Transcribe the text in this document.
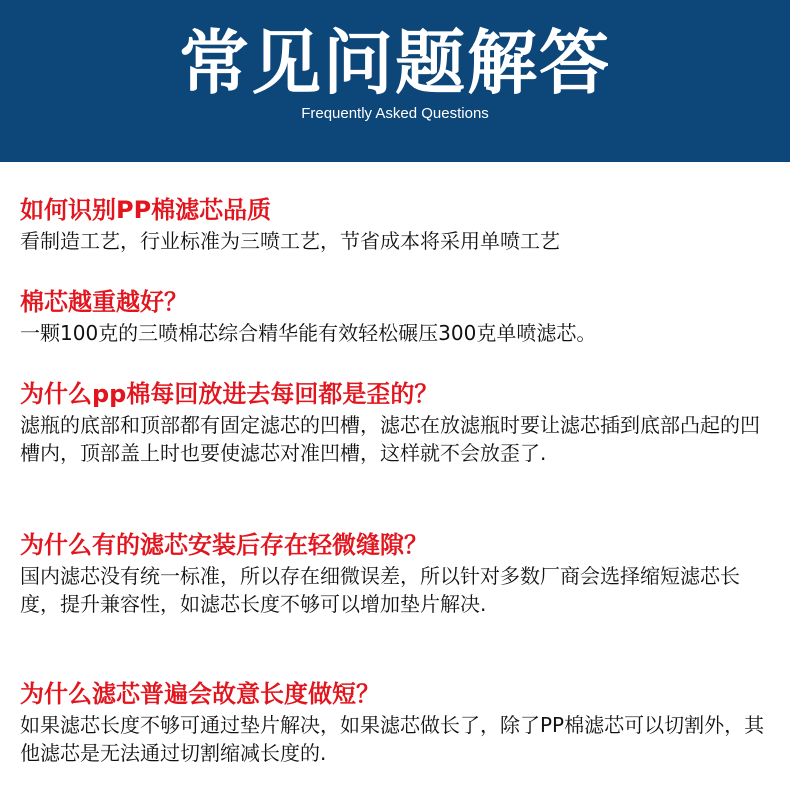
常见问题解答
Frequently Asked Questions
如何识别PP棉滤芯品质
看制造工艺，行业标准为三喷工艺，节省成本将采用单喷工艺
棉芯越重越好？
一颗100克的三喷棉芯综合精华能有效轻松碾压300克单喷滤芯。
为什么pp棉每回放进去每回都是歪的？
滤瓶的底部和顶部都有固定滤芯的凹槽，滤芯在放滤瓶时要让滤芯插到底部凸起的凹槽内，顶部盖上时也要使滤芯对准凹槽，这样就不会放歪了.
为什么有的滤芯安装后存在轻微缝隙？
国内滤芯没有统一标准，所以存在细微误差，所以针对多数厂商会选择缩短滤芯长度，提升兼容性，如滤芯长度不够可以增加垫片解决.
为什么滤芯普遍会故意长度做短？
如果滤芯长度不够可通过垫片解决，如果滤芯做长了，除了PP棉滤芯可以切割外，其他滤芯是无法通过切割缩减长度的.
